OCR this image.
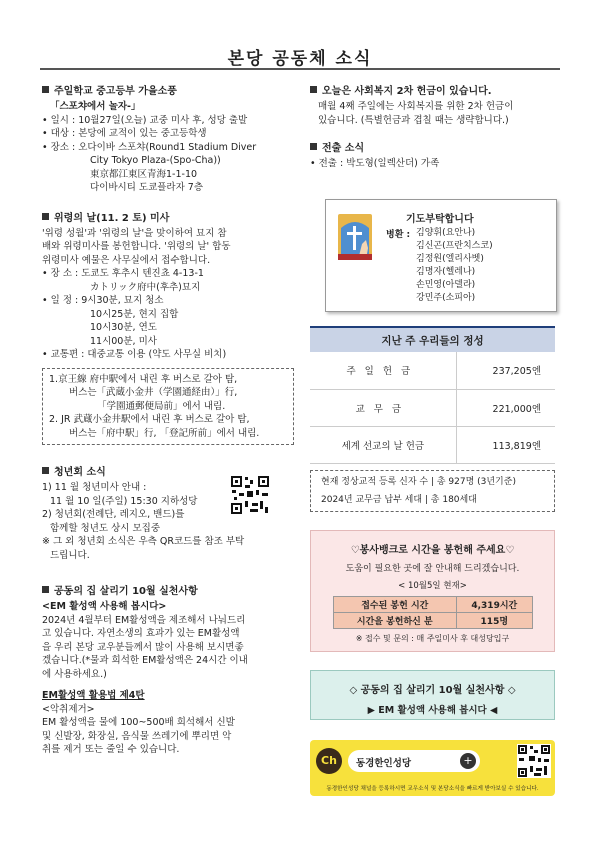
본당 공동체 소식
주일학교 중고등부 가을소풍
「스포챠에서 놀자-」
• 일시 : 10월27일(오늘) 교중 미사 후, 성당 출발
• 대상 : 본당에 교적이 있는 중고등학생
• 장소 : 오다이바 스포챠(Round1 Stadium Diver
City Tokyo Plaza-(Spo-Cha))
東京都江東区青海1-1-10
다이바시티 도쿄플라자 7층
위령의 날(11. 2 토) 미사
'위령 성월'과 '위령의 날'을 맞이하여 묘지 참
배와 위령미사를 봉헌합니다. '위령의 날' 합동
위령미사 예물은 사무실에서 접수합니다.
• 장 소 : 도쿄도 후추시 텐진쵸 4-13-1
カトリック府中(후추)묘지
• 일 정 : 9시30분, 묘지 청소
10시25분, 현지 집합
10시30분, 연도
11시00분, 미사
• 교통편 : 대중교통 이용 (약도 사무실 비치)
1.京王線 府中駅에서 내린 후 버스로 갈아 탐,
버스는「武蔵小金井（学園通経由）」行,
「学園通郵便局前」에서 내림.
2. JR 武蔵小金井駅에서 내린 후 버스로 갈아 탐,
버스는「府中駅」行, 「登記所前」에서 내림.
청년회 소식
1) 11 월 청년미사 안내 :
11 월 10 일(주일) 15:30 지하성당
2) 청년회(전례단, 레지오, 밴드)를
함께할 청년도 상시 모집중
※ 그 외 청년회 소식은 우측 QR코드를 참조 부탁
드립니다.
공동의 집 살리기 10월 실천사항
<EM 활성액 사용해 봅시다>
2024년 4월부터 EM활성액을 제조해서 나눠드리
고 있습니다. 자연소생의 효과가 있는 EM활성액
을 우리 본당 교우분들께서 많이 사용해 보시면좋
겠습니다.(*물과 희석한 EM활성액은 24시간 이내
에 사용하세요.)
EM활성액 활용법 제4탄
<악취제거>
EM 활성액을 물에 100~500배 희석해서 신발
및 신발장, 화장실, 음식물 쓰레기에 뿌리면 악
취를 제거 또는 줄일 수 있습니다.
오늘은 사회복지 2차 헌금이 있습니다.
매월 4째 주일에는 사회복지를 위한 2차 헌금이
있습니다. (특별헌금과 겹칠 때는 생략합니다.)
전출 소식
• 전출 : 박도형(일렉산더) 가족
기도부탁합니다
병환 : 김양휘(요안나)
김신곤(프란치스코)
김정원(엘리사벳)
김명자(헬레나)
손민영(아델라)
강민주(소피아)
지난 주 우리들의 정성
주일헌금	237,205엔
교무금	221,000엔
세계 선교의 날 헌금	113,819엔
현재 정상교적 등록 신자 수 | 총 927명 (3년기준)
2024년 교무금 납부 세대 | 총 180세대
♡봉사뱅크로 시간을 봉헌해 주세요♡
도움이 필요한 곳에 잘 안내해 드리겠습니다.
< 10월5일 현재>
접수된 봉헌 시간	4,319시간
시간을 봉헌하신 분	115명
※ 접수 및 문의 : 매 주일미사 후 대성당입구
◇ 공동의 집 살리기 10월 실천사항 ◇
▶ EM 활성액 사용해 봅시다 ◀
Ch	동경한인성당	+
동경한인성당 채널을 등록하시면 교우소식 및 본당소식을 빠르게 받아보실 수 있습니다.
